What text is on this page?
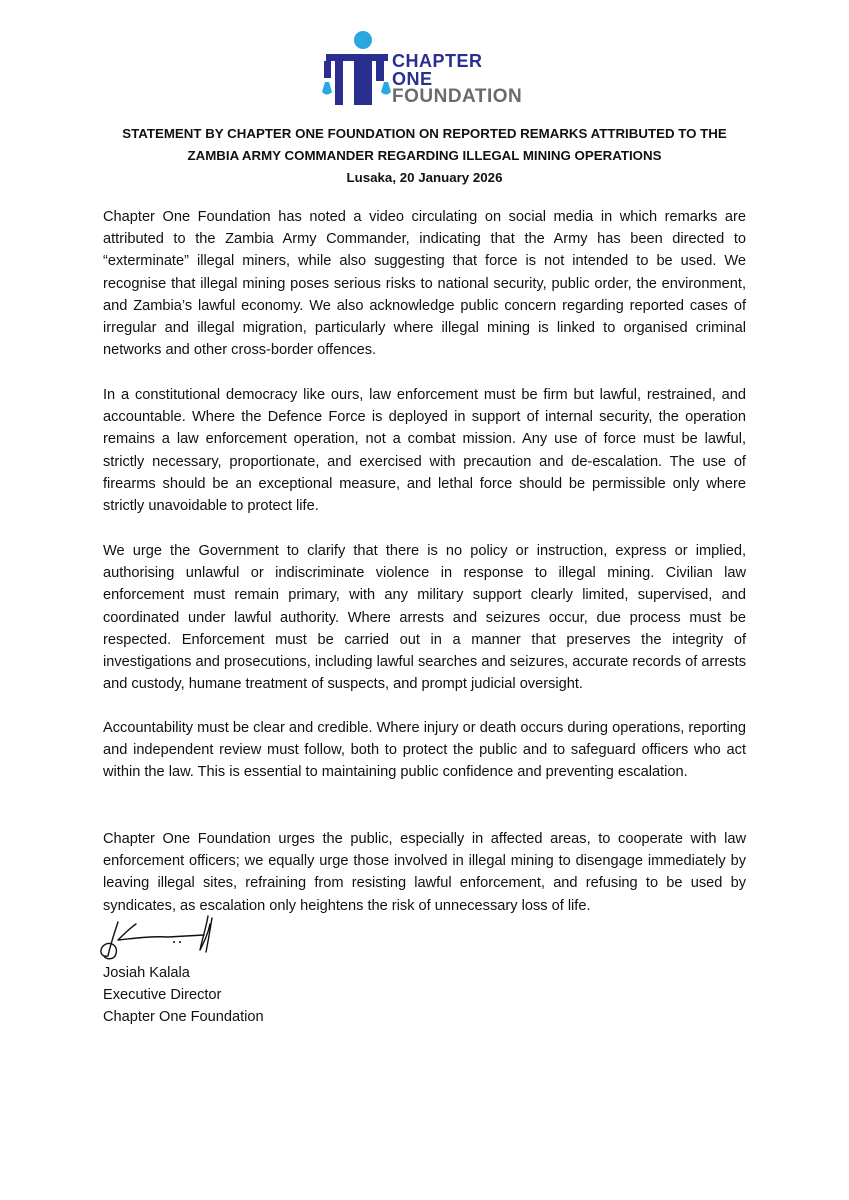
CHAPTER
ONE
FOUNDATION
STATEMENT BY CHAPTER ONE FOUNDATION ON REPORTED REMARKS ATTRIBUTED TO THE
ZAMBIA ARMY COMMANDER REGARDING ILLEGAL MINING OPERATIONS
Lusaka, 20 January 2026

Chapter One Foundation has noted a video circulating on social media in which remarks are attributed to the Zambia Army Commander, indicating that the Army has been directed to “exterminate” illegal miners, while also suggesting that force is not intended to be used. We recognise that illegal mining poses serious risks to national security, public order, the environment, and Zambia’s lawful economy. We also acknowledge public concern regarding reported cases of irregular and illegal migration, particularly where illegal mining is linked to organised criminal networks and other cross-border offences.

In a constitutional democracy like ours, law enforcement must be firm but lawful, restrained, and accountable. Where the Defence Force is deployed in support of internal security, the operation remains a law enforcement operation, not a combat mission. Any use of force must be lawful, strictly necessary, proportionate, and exercised with precaution and de-escalation. The use of firearms should be an exceptional measure, and lethal force should be permissible only where strictly unavoidable to protect life.

We urge the Government to clarify that there is no policy or instruction, express or implied, authorising unlawful or indiscriminate violence in response to illegal mining. Civilian law enforcement must remain primary, with any military support clearly limited, supervised, and coordinated under lawful authority. Where arrests and seizures occur, due process must be respected. Enforcement must be carried out in a manner that preserves the integrity of investigations and prosecutions, including lawful searches and seizures, accurate records of arrests and custody, humane treatment of suspects, and prompt judicial oversight.

Accountability must be clear and credible. Where injury or death occurs during operations, reporting and independent review must follow, both to protect the public and to safeguard officers who act within the law. This is essential to maintaining public confidence and preventing escalation.

Chapter One Foundation urges the public, especially in affected areas, to cooperate with law enforcement officers; we equally urge those involved in illegal mining to disengage immediately by leaving illegal sites, refraining from resisting lawful enforcement, and refusing to be used by syndicates, as escalation only heightens the risk of unnecessary loss of life.

Josiah Kalala
Executive Director
Chapter One Foundation
